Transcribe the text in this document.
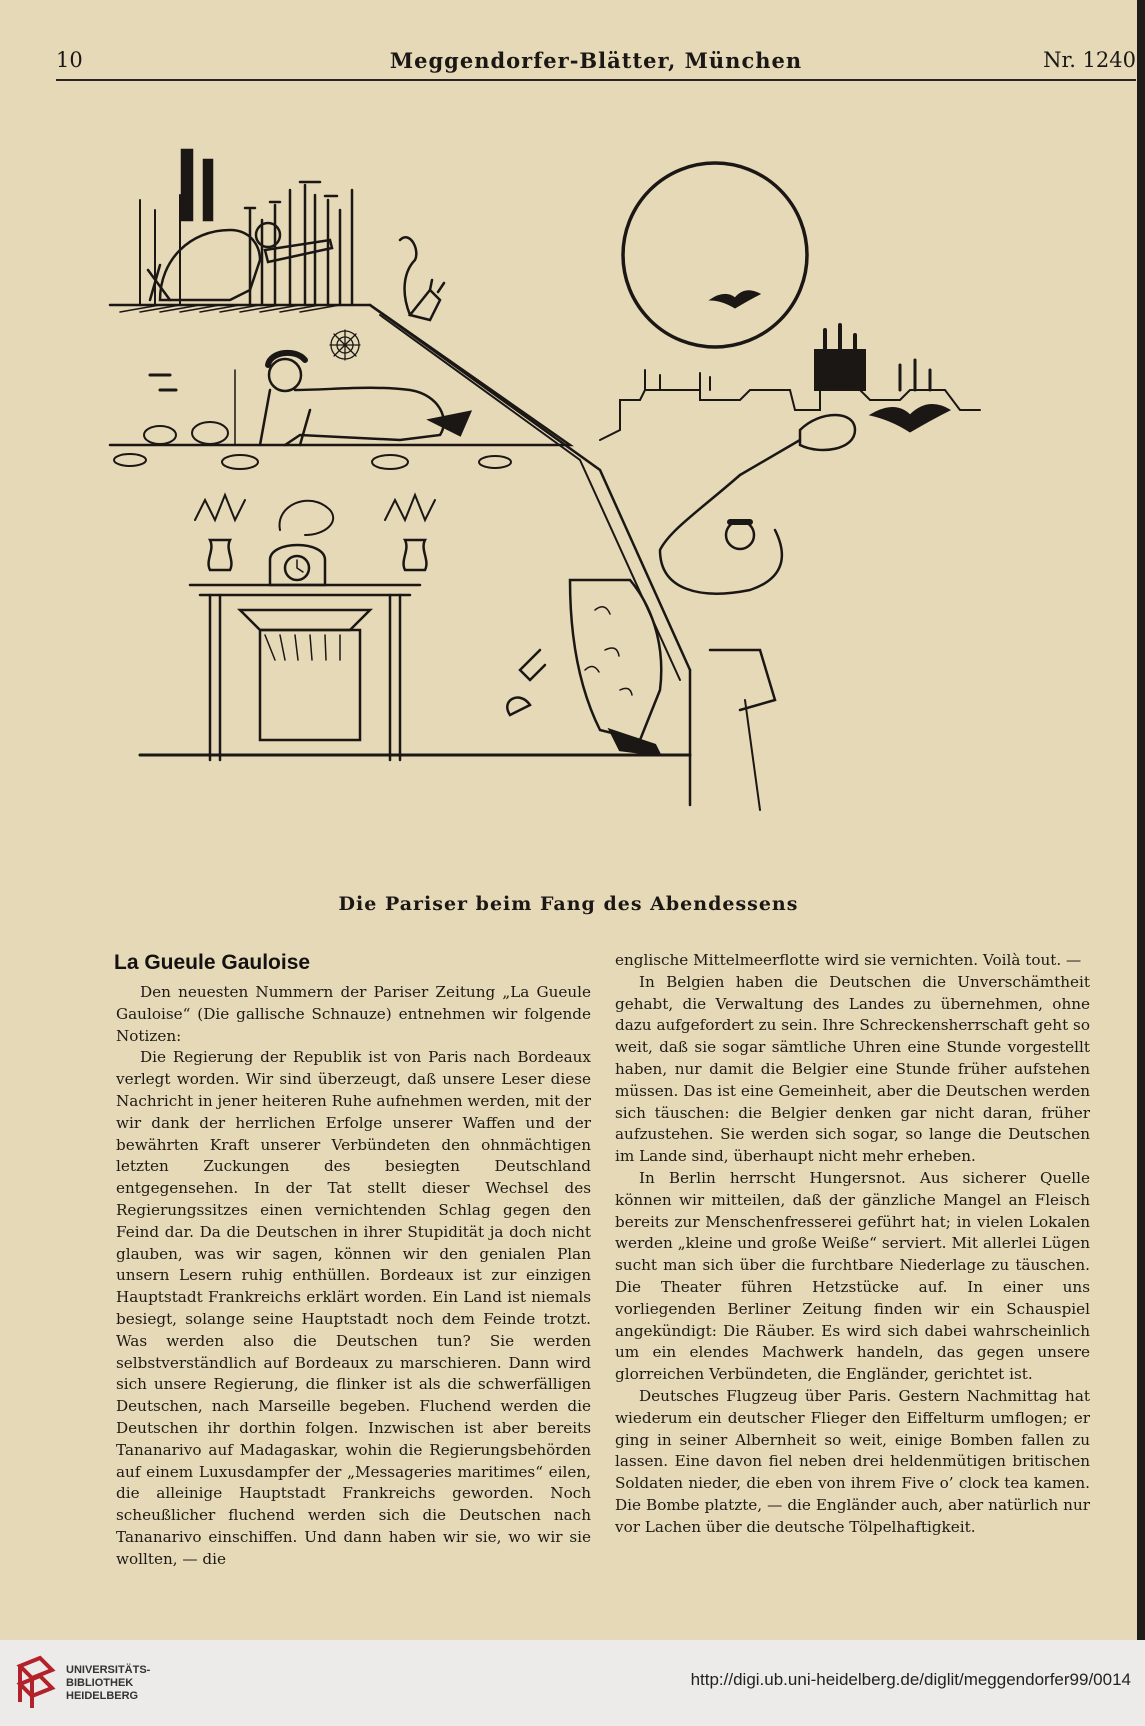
10	Meggendorfer-Blätter, München	Nr. 1240
Die Pariser beim Fang des Abendessens
La Gueule Gauloise

Den neuesten Nummern der Pariser Zeitung „La Gueule Gauloise“ (Die gallische Schnauze) entnehmen wir folgende Notizen:

Die Regierung der Republik ist von Paris nach Bordeaux verlegt worden. Wir sind überzeugt, daß unsere Leser diese Nachricht in jener heiteren Ruhe aufnehmen werden, mit der wir dank der herrlichen Erfolge unserer Waffen und der bewährten Kraft unserer Verbündeten den ohnmächtigen letzten Zuckungen des besiegten Deutschland entgegensehen. In der Tat stellt dieser Wechsel des Regierungssitzes einen vernichtenden Schlag gegen den Feind dar. Da die Deutschen in ihrer Stupidität ja doch nicht glauben, was wir sagen, können wir den genialen Plan unsern Lesern ruhig enthüllen. Bordeaux ist zur einzigen Hauptstadt Frankreichs erklärt worden. Ein Land ist niemals besiegt, solange seine Hauptstadt noch dem Feinde trotzt. Was werden also die Deutschen tun? Sie werden selbstverständlich auf Bordeaux zu marschieren. Dann wird sich unsere Regierung, die flinker ist als die schwerfälligen Deutschen, nach Marseille begeben. Fluchend werden die Deutschen ihr dorthin folgen. Inzwischen ist aber bereits Tananarivo auf Madagaskar, wohin die Regierungsbehörden auf einem Luxusdampfer der „Messageries maritimes“ eilen, die alleinige Hauptstadt Frankreichs geworden. Noch scheußlicher fluchend werden sich die Deutschen nach Tananarivo einschiffen. Und dann haben wir sie, wo wir sie wollten, — die

englische Mittelmeerflotte wird sie vernichten. Voilà tout. —

In Belgien haben die Deutschen die Unverschämtheit gehabt, die Verwaltung des Landes zu übernehmen, ohne dazu aufgefordert zu sein. Ihre Schreckensherrschaft geht so weit, daß sie sogar sämtliche Uhren eine Stunde vorgestellt haben, nur damit die Belgier eine Stunde früher aufstehen müssen. Das ist eine Gemeinheit, aber die Deutschen werden sich täuschen: die Belgier denken gar nicht daran, früher aufzustehen. Sie werden sich sogar, so lange die Deutschen im Lande sind, überhaupt nicht mehr erheben.

In Berlin herrscht Hungersnot. Aus sicherer Quelle können wir mitteilen, daß der gänzliche Mangel an Fleisch bereits zur Menschenfresserei geführt hat; in vielen Lokalen werden „kleine und große Weiße“ serviert. Mit allerlei Lügen sucht man sich über die furchtbare Niederlage zu täuschen. Die Theater führen Hetzstücke auf. In einer uns vorliegenden Berliner Zeitung finden wir ein Schauspiel angekündigt: Die Räuber. Es wird sich dabei wahrscheinlich um ein elendes Machwerk handeln, das gegen unsere glorreichen Verbündeten, die Engländer, gerichtet ist.

Deutsches Flugzeug über Paris. Gestern Nachmittag hat wiederum ein deutscher Flieger den Eiffelturm umflogen; er ging in seiner Albernheit so weit, einige Bomben fallen zu lassen. Eine davon fiel neben drei heldenmütigen britischen Soldaten nieder, die eben von ihrem Five o’ clock tea kamen. Die Bombe platzte, — die Engländer auch, aber natürlich nur vor Lachen über die deutsche Tölpelhaftigkeit.

UNIVERSITÄTS-
BIBLIOTHEK
HEIDELBERG
http://digi.ub.uni-heidelberg.de/diglit/meggendorfer99/0014
